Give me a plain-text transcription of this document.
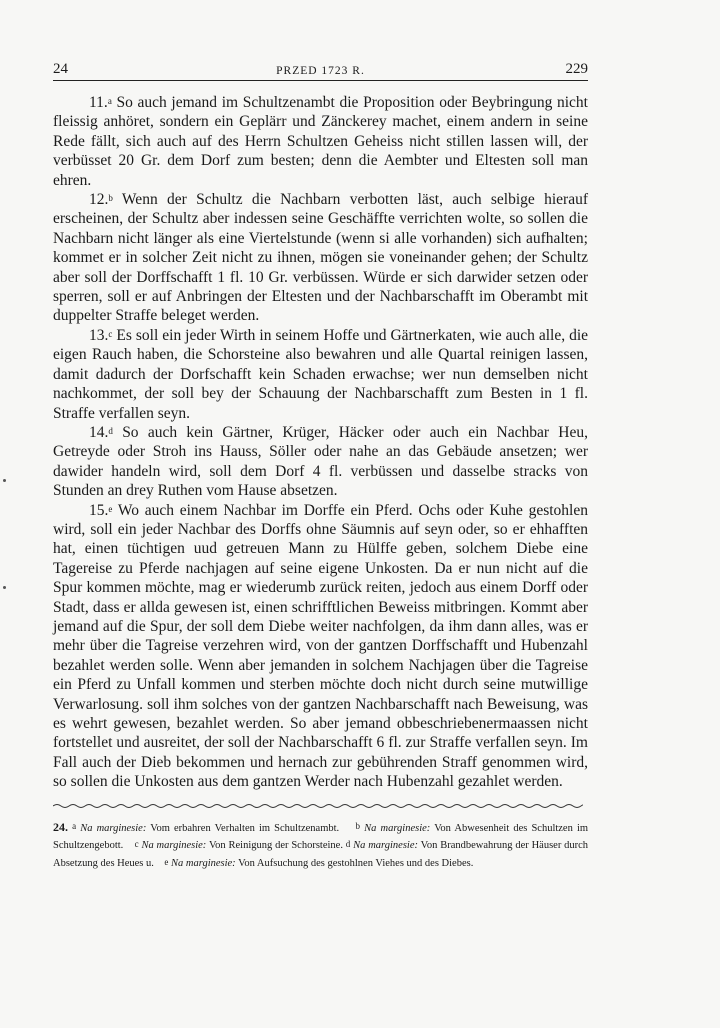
24	PRZED 1723 R.	229

11.$^a$ So auch jemand im Schultzenambt die Proposition oder Beybringung nicht fleissig anhöret, sondern ein Geplärr und Zänckerey machet, einem andern in seine Rede fällt, sich auch auf des Herrn Schultzen Geheiss nicht stillen lassen will, der verbüsset 20 Gr. dem Dorf zum besten; denn die Aembter und Eltesten soll man ehren.

12.$^b$ Wenn der Schultz die Nachbarn verbotten läst, auch selbige hierauf erscheinen, der Schultz aber indessen seine Geschäffte verrichten wolte, so sollen die Nachbarn nicht länger als eine Viertelstunde (wenn si alle vorhanden) sich aufhalten; kommet er in solcher Zeit nicht zu ihnen, mögen sie voneinander gehen; der Schultz aber soll der Dorffschafft 1 fl. 10 Gr. verbüssen. Würde er sich darwider setzen oder sperren, soll er auf Anbringen der Eltesten und der Nachbarschafft im Oberambt mit duppelter Straffe beleget werden.

13.$^c$ Es soll ein jeder Wirth in seinem Hoffe und Gärtnerkaten, wie auch alle, die eigen Rauch haben, die Schorsteine also bewahren und alle Quartal reinigen lassen, damit dadurch der Dorfschafft kein Schaden erwachse; wer nun demselben nicht nachkommet, der soll bey der Schauung der Nachbarschafft zum Besten in 1 fl. Straffe verfallen seyn.

14.$^d$ So auch kein Gärtner, Krüger, Häcker oder auch ein Nachbar Heu, Getreyde oder Stroh ins Hauss, Söller oder nahe an das Gebäude ansetzen; wer dawider handeln wird, soll dem Dorf 4 fl. verbüssen und dasselbe stracks von Stunden an drey Ruthen vom Hause absetzen.

15.$^e$ Wo auch einem Nachbar im Dorffe ein Pferd. Ochs oder Kuhe gestohlen wird, soll ein jeder Nachbar des Dorffs ohne Säumnis auf seyn oder, so er ehhafften hat, einen tüchtigen uud getreuen Mann zu Hülffe geben, solchem Diebe eine Tagereise zu Pferde nachjagen auf seine eigene Unkosten. Da er nun nicht auf die Spur kommen möchte, mag er wiederumb zurück reiten, jedoch aus einem Dorff oder Stadt, dass er allda gewesen ist, einen schrifftlichen Beweiss mitbringen. Kommt aber jemand auf die Spur, der soll dem Diebe weiter nachfolgen, da ihm dann alles, was er mehr über die Tagreise verzehren wird, von der gantzen Dorffschafft und Hubenzahl bezahlet werden solle. Wenn aber jemanden in solchem Nachjagen über die Tagreise ein Pferd zu Unfall kommen und sterben möchte doch nicht durch seine mutwillige Verwarlosung. soll ihm solches von der gantzen Nachbarschafft nach Beweisung, was es wehrt gewesen, bezahlet werden. So aber jemand obbeschriebenermaassen nicht fortstellet und ausreitet, der soll der Nachbarschafft 6 fl. zur Straffe verfallen seyn. Im Fall auch der Dieb bekommen und hernach zur gebührenden Straff genommen wird, so sollen die Unkosten aus dem gantzen Werder nach Hubenzahl gezahlet werden.

24. a Na marginesie: Vom erbahren Verhalten im Schultzenambt. b Na marginesie: Von Abwesenheit des Schultzen im Schultzengebott. c Na marginesie: Von Reinigung der Schorsteine. d Na marginesie: Von Brandbewahrung der Häuser durch Absetzung des Heues u. e Na marginesie: Von Aufsuchung des gestohlnen Viehes und des Diebes.
